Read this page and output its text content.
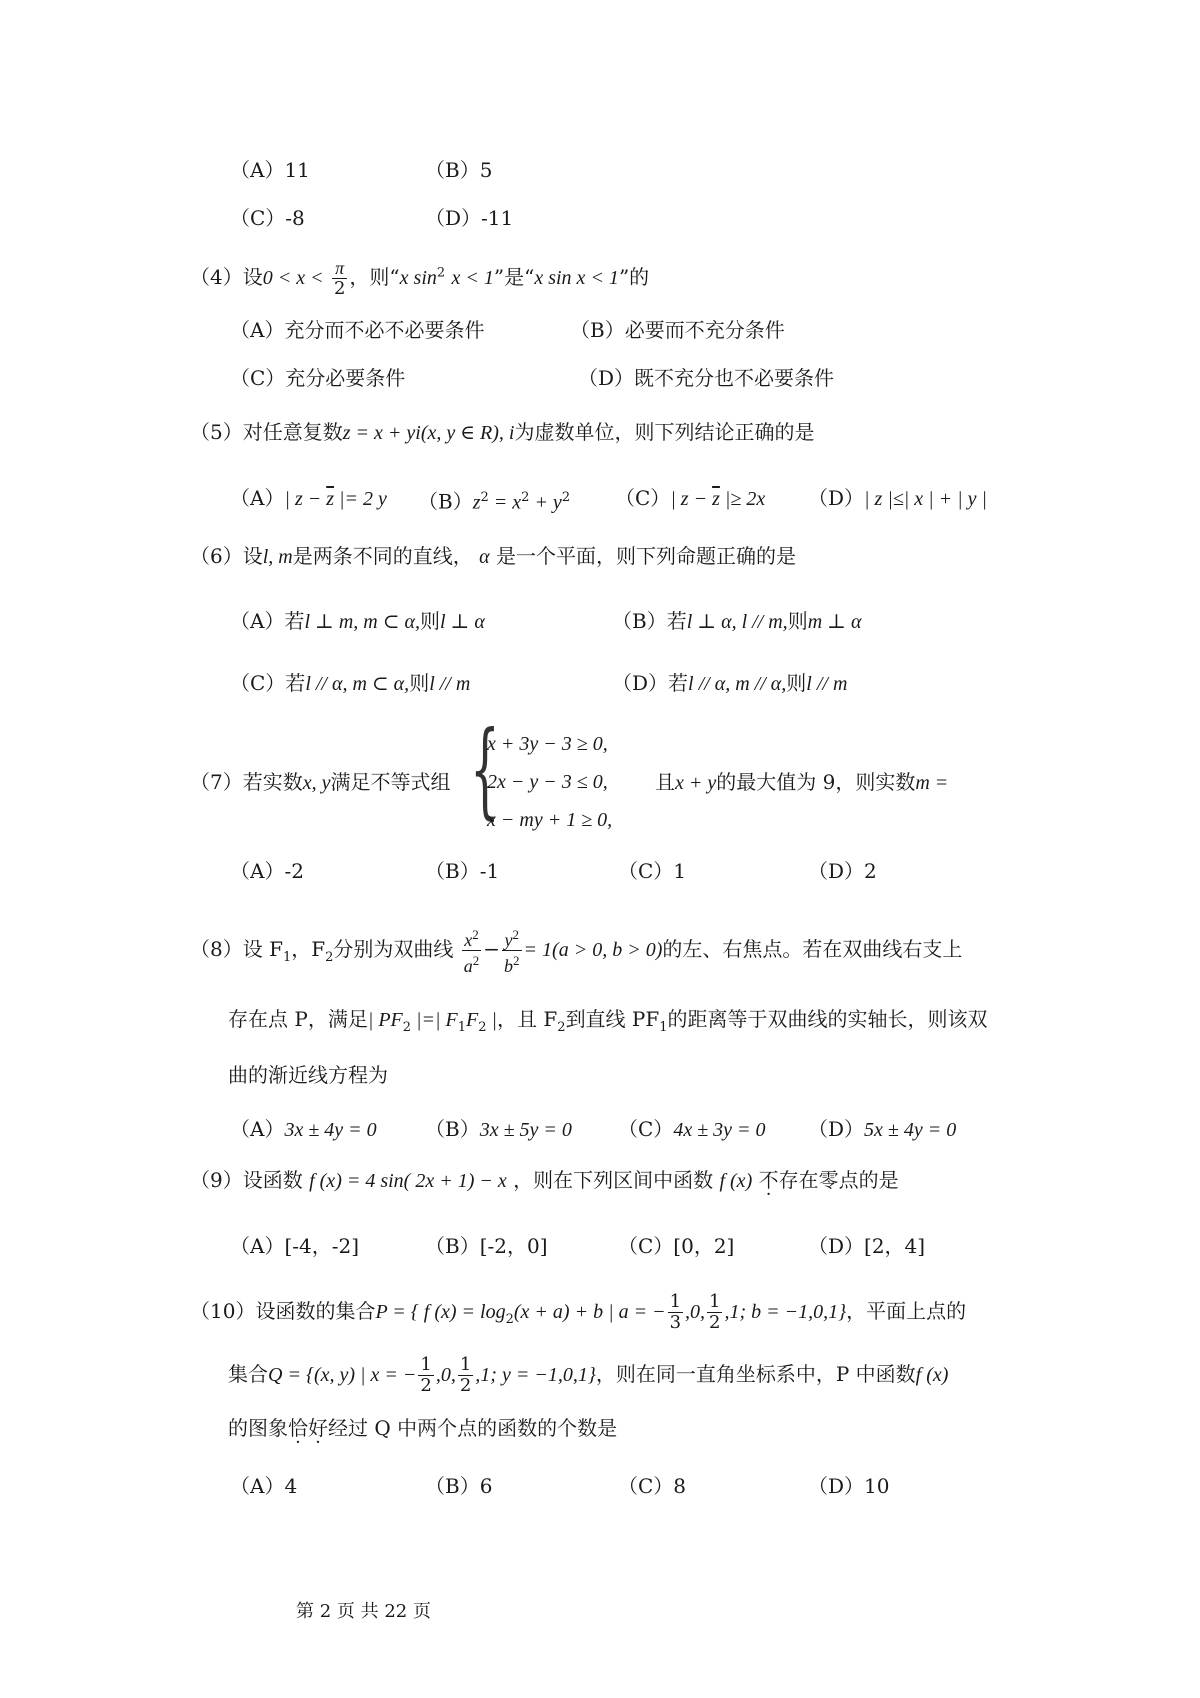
（A）11	（B）5
（C）-8	（D）-11
（4）设$0 < x < \frac{\pi}{2}$ ，则“x $\sin^2 x < 1$”是“x sin x < 1”的
（A）充分而不必不必要条件	（B）必要而不充分条件
（C）充分必要条件	（D）既不充分也不必要条件
（5）对任意复数z = x + yi(x, y ∈ R), i为虚数单位，则下列结论正确的是
（A）| $z - \overline{z}$ |= 2 y $(B)z^2 = x^2 + y^2$ （C）| $z - \overline{z}$ |≥ 2x （D）| z |≤| x | + | y |
（6）设l, m是两条不同的直线， α 是一个平面，则下列命题正确的是
（A）若l ⊥ m, m ⊂ α,则l ⊥ α	（B）若l ⊥ α, l // m,则m ⊥ α
（C）若l // α, m ⊂ α,则l // m	（D）若l // α, m // α,则l // m
（7）若实数x, y满足不等式组 {
x + 3y − 3 ≥ 0,
2x − y − 3 ≤ 0,
x − my + 1 ≥ 0,
且x + y的最大值为 9，则实数m =
（A）-2	（B）-1	（C）1	（D）2
（8）设 $F_1$，$F_2$分别为双曲线 $\frac{x^2}{a^2} - \frac{y^2}{b^2} = 1(a > 0$, b > 0)的左、右焦点。若在双曲线右支上
存在点 P，满足| $PF_2$ |=| $F_1F_2$ |，且 $F_2$到直线 $PF_1$的距离等于双曲线的实轴长，则该双
曲的渐近线方程为
（A）3x ± 4y = 0 （B）3x ± 5y = 0 （C）4x ± 3y = 0 （D）5x ± 4y = 0
（9）设函数 f (x) = 4 sin( 2x + 1) − x ，则在下列区间中函数 f (x) 不存在零点的是
（A）[-4，-2]	（B）[-2，0]	（C）[0，2]	（D）[2，4]
（10）设函数的集合P = { f $(x) = \log_2(x + a) + b$ | a = − $\frac{1}{3} ,0$, $\frac{1}{2} ,1$; b = −1,0,1}，平面上点的
集合Q = {(x, y) | x = − $\frac{1}{2} ,0$, $\frac{1}{2} ,1$; y = −1,0,1}，则在同一直角坐标系中，P 中函数f (x)
的图象恰好经过 Q 中两个点的函数的个数是
（A）4	（B）6	（C）8	（D）10
第 2 页 共 22 页
